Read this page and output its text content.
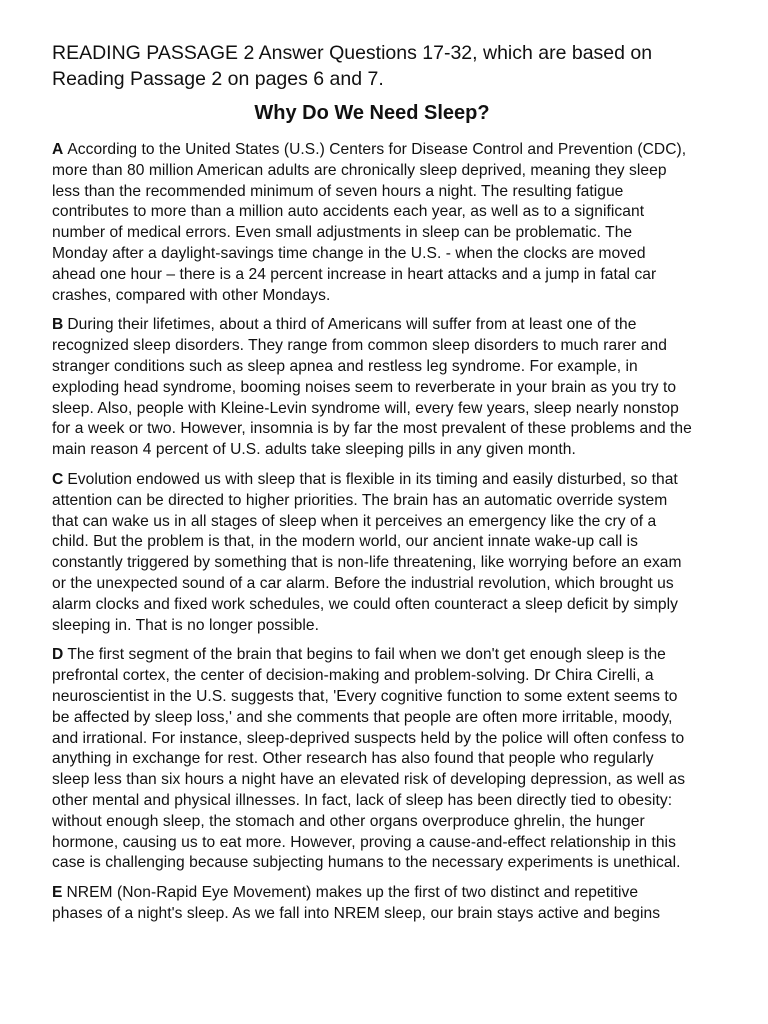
READING PASSAGE 2 Answer Questions 17-32, which are based on Reading Passage 2 on pages 6 and 7.

Why Do We Need Sleep?

A According to the United States (U.S.) Centers for Disease Control and Prevention (CDC), more than 80 million American adults are chronically sleep deprived, meaning they sleep less than the recommended minimum of seven hours a night. The resulting fatigue contributes to more than a million auto accidents each year, as well as to a significant number of medical errors. Even small adjustments in sleep can be problematic. The Monday after a daylight-savings time change in the U.S. - when the clocks are moved ahead one hour – there is a 24 percent increase in heart attacks and a jump in fatal car crashes, compared with other Mondays.

B During their lifetimes, about a third of Americans will suffer from at least one of the recognized sleep disorders. They range from common sleep disorders to much rarer and stranger conditions such as sleep apnea and restless leg syndrome. For example, in exploding head syndrome, booming noises seem to reverberate in your brain as you try to sleep. Also, people with Kleine-Levin syndrome will, every few years, sleep nearly nonstop for a week or two. However, insomnia is by far the most prevalent of these problems and the main reason 4 percent of U.S. adults take sleeping pills in any given month.

C Evolution endowed us with sleep that is flexible in its timing and easily disturbed, so that attention can be directed to higher priorities. The brain has an automatic override system that can wake us in all stages of sleep when it perceives an emergency like the cry of a child. But the problem is that, in the modern world, our ancient innate wake-up call is constantly triggered by something that is non-life threatening, like worrying before an exam or the unexpected sound of a car alarm. Before the industrial revolution, which brought us alarm clocks and fixed work schedules, we could often counteract a sleep deficit by simply sleeping in. That is no longer possible.

D The first segment of the brain that begins to fail when we don't get enough sleep is the prefrontal cortex, the center of decision-making and problem-solving. Dr Chira Cirelli, a neuroscientist in the U.S. suggests that, 'Every cognitive function to some extent seems to be affected by sleep loss,' and she comments that people are often more irritable, moody, and irrational. For instance, sleep-deprived suspects held by the police will often confess to anything in exchange for rest. Other research has also found that people who regularly sleep less than six hours a night have an elevated risk of developing depression, as well as other mental and physical illnesses. In fact, lack of sleep has been directly tied to obesity: without enough sleep, the stomach and other organs overproduce ghrelin, the hunger hormone, causing us to eat more. However, proving a cause-and-effect relationship in this case is challenging because subjecting humans to the necessary experiments is unethical.

E NREM (Non-Rapid Eye Movement) makes up the first of two distinct and repetitive phases of a night's sleep. As we fall into NREM sleep, our brain stays active and begins
